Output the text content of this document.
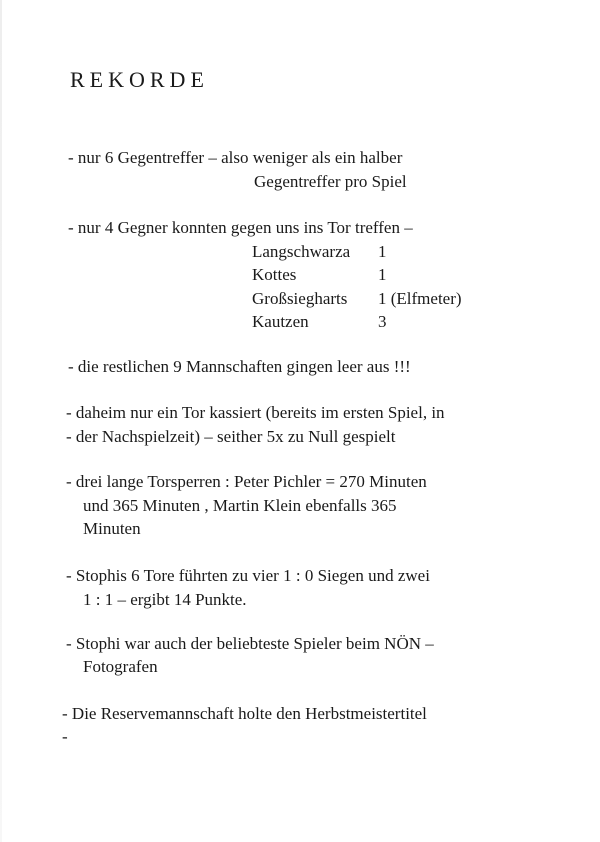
REKORDE
- nur 6 Gegentreffer – also weniger als ein halber
Gegentreffer pro Spiel
- nur 4 Gegner konnten gegen uns ins Tor treffen –
Langschwarza 1
Kottes	1
Großsiegharts 1 (Elfmeter)
Kautzen	3
- die restlichen 9 Mannschaften gingen leer aus !!!
- daheim nur ein Tor kassiert (bereits im ersten Spiel, in
- der Nachspielzeit) – seither 5x zu Null gespielt
- drei lange Torsperren : Peter Pichler = 270 Minuten
und 365 Minuten , Martin Klein ebenfalls 365
Minuten
- Stophis 6 Tore führten zu vier 1 : 0 Siegen und zwei
1 : 1 – ergibt 14 Punkte.
- Stophi war auch der beliebteste Spieler beim NÖN –
Fotografen
- Die Reservemannschaft holte den Herbstmeistertitel
-
